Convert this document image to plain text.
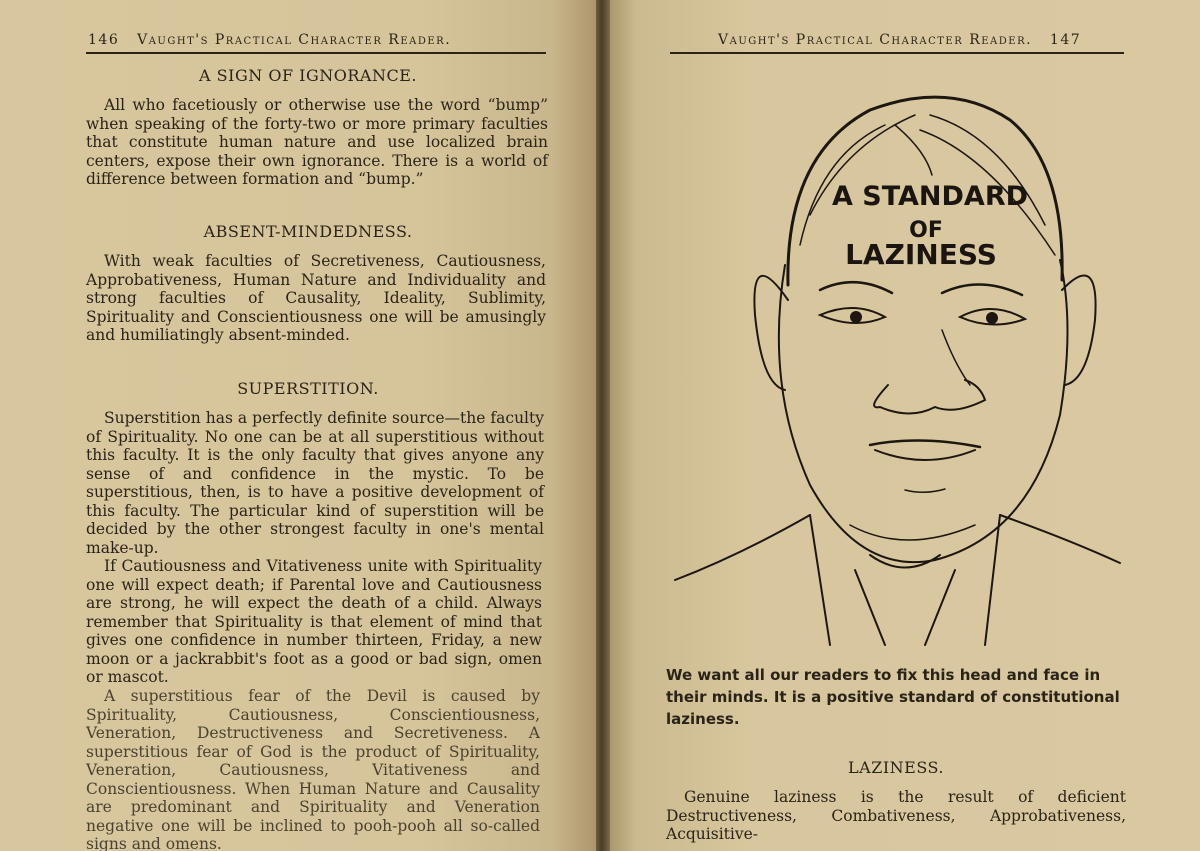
146 Vaught's Practical Character Reader.
A SIGN OF IGNORANCE.
All who facetiously or otherwise use the word “bump” when speaking of the forty-two or more primary faculties that constitute human nature and use localized brain centers, expose their own ignorance. There is a world of difference between formation and “bump.”
ABSENT-MINDEDNESS.
With weak faculties of Secretiveness, Cautiousness, Approbativeness, Human Nature and Individuality and strong faculties of Causality, Ideality, Sublimity, Spirituality and Conscientiousness one will be amusingly and humiliatingly absent-minded.
SUPERSTITION.
Superstition has a perfectly definite source—the faculty of Spirituality. No one can be at all superstitious without this faculty. It is the only faculty that gives anyone any sense of and confidence in the mystic. To be superstitious, then, is to have a positive development of this faculty. The particular kind of superstition will be decided by the other strongest faculty in one's mental make-up.
If Cautiousness and Vitativeness unite with Spirituality one will expect death; if Parental love and Cautiousness are strong, he will expect the death of a child. Always remember that Spirituality is that element of mind that gives one confidence in number thirteen, Friday, a new moon or a jackrabbit's foot as a good or bad sign, omen or mascot.
A superstitious fear of the Devil is caused by Spirituality, Cautiousness, Conscientiousness, Veneration, Destructiveness and Secretiveness. A superstitious fear of God is the product of Spirituality, Veneration, Cautiousness, Vitativeness and Conscientiousness. When Human Nature and Causality are predominant and Spirituality and Veneration negative one will be inclined to pooh-pooh all so-called signs and omens.
Vaught's Practical Character Reader. 147
We want all our readers to fix this head and face in their minds. It is a positive standard of constitutional laziness.
LAZINESS.
Genuine laziness is the result of deficient Destructiveness, Combativeness, Approbativeness, Acquisitive-
A STANDARD
OF
LAZINESS
